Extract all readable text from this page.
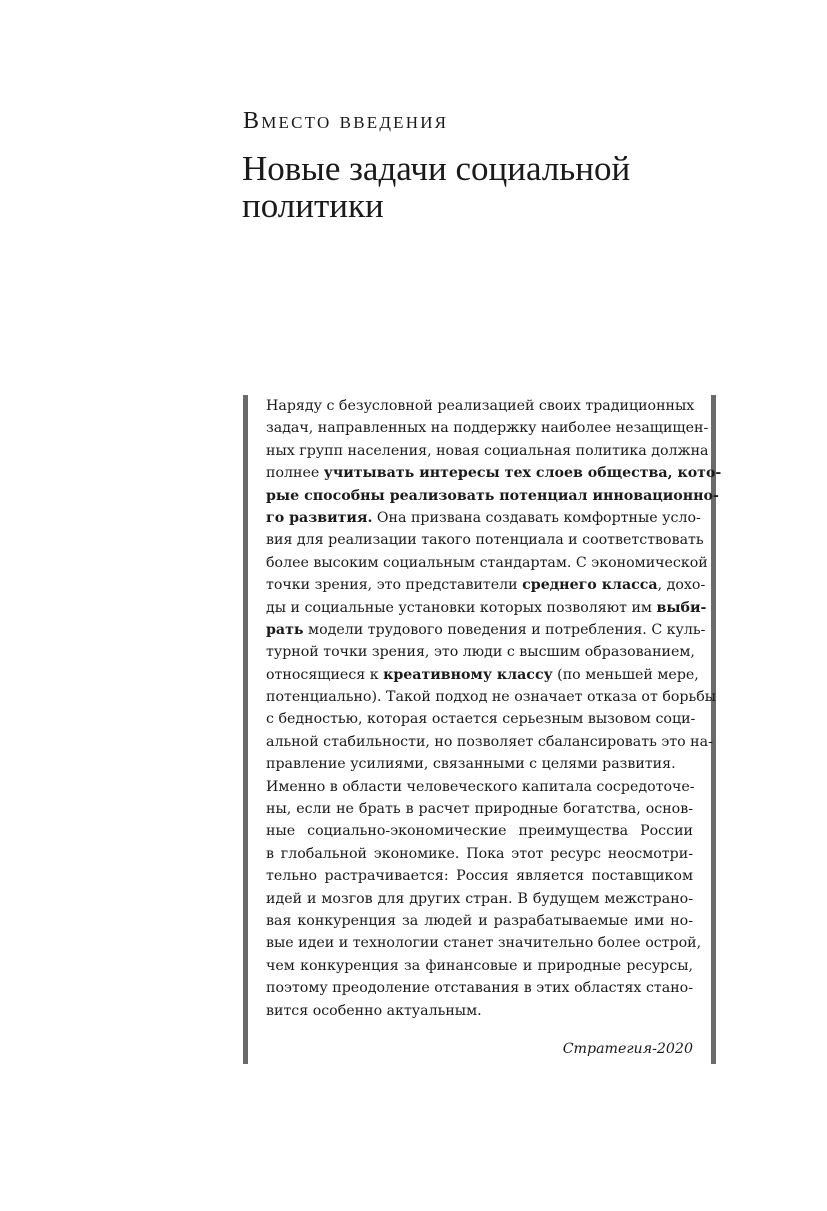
Вместо введения
Новые задачи социальной
политики
Наряду с безусловной реализацией своих традиционных
задач, направленных на поддержку наиболее незащищен-
ных групп населения, новая социальная политика должна
полнее учитывать интересы тех слоев общества, кото-
рые способны реализовать потенциал инновационно-
го развития. Она призвана создавать комфортные усло-
вия для реализации такого потенциала и соответствовать
более высоким социальным стандартам. С экономической
точки зрения, это представители среднего класса, дохо-
ды и социальные установки которых позволяют им выби-
рать модели трудового поведения и потребления. С куль-
турной точки зрения, это люди с высшим образованием,
относящиеся к креативному классу (по меньшей мере,
потенциально). Такой подход не означает отказа от борьбы
с бедностью, которая остается серьезным вызовом соци-
альной стабильности, но позволяет сбалансировать это на-
правление усилиями, связанными с целями развития.
Именно в области человеческого капитала сосредоточе-
ны, если не брать в расчет природные богатства, основ-
ные социально-экономические преимущества России
в глобальной экономике. Пока этот ресурс неосмотри-
тельно растрачивается: Россия является поставщиком
идей и мозгов для других стран. В будущем межстрано-
вая конкуренция за людей и разрабатываемые ими но-
вые идеи и технологии станет значительно более острой,
чем конкуренция за финансовые и природные ресурсы,
поэтому преодоление отставания в этих областях стано-
вится особенно актуальным.
Стратегия-2020
